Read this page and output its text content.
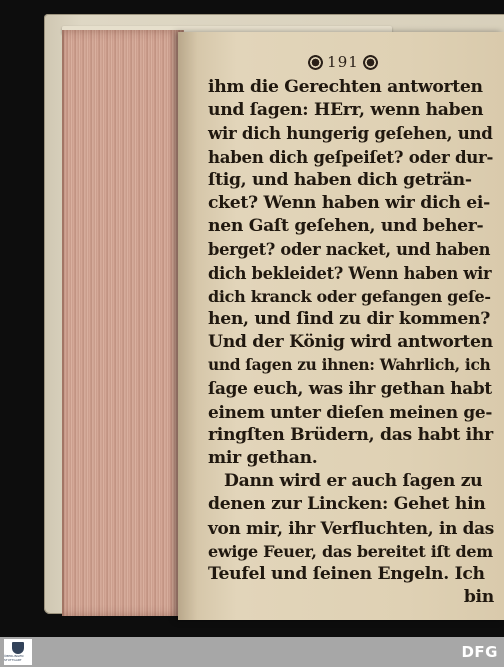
191
ihm die Gerechten antworten
und ſagen: HErr, wenn haben
wir dich hungerig geſehen, und
haben dich geſpeiſet? oder dur-
ſtig, und haben dich geträn-
cket? Wenn haben wir dich ei-
nen Gaſt geſehen, und beher-
berget? oder nacket, und haben
dich bekleidet? Wenn haben wir
dich kranck oder gefangen geſe-
hen, und ſind zu dir kommen?
Und der König wird antworten
und ſagen zu ihnen: Wahrlich, ich
ſage euch, was ihr gethan habt
einem unter dieſen meinen ge-
ringſten Brüdern, das habt ihr
mir gethan.
Dann wird er auch ſagen zu
denen zur Lincken: Gehet hin
von mir, ihr Verfluchten, in das
ewige Feuer, das bereitet iſt dem
Teufel und ſeinen Engeln. Ich
bin
ÜBERLINGEN STUTTGART	DFG
